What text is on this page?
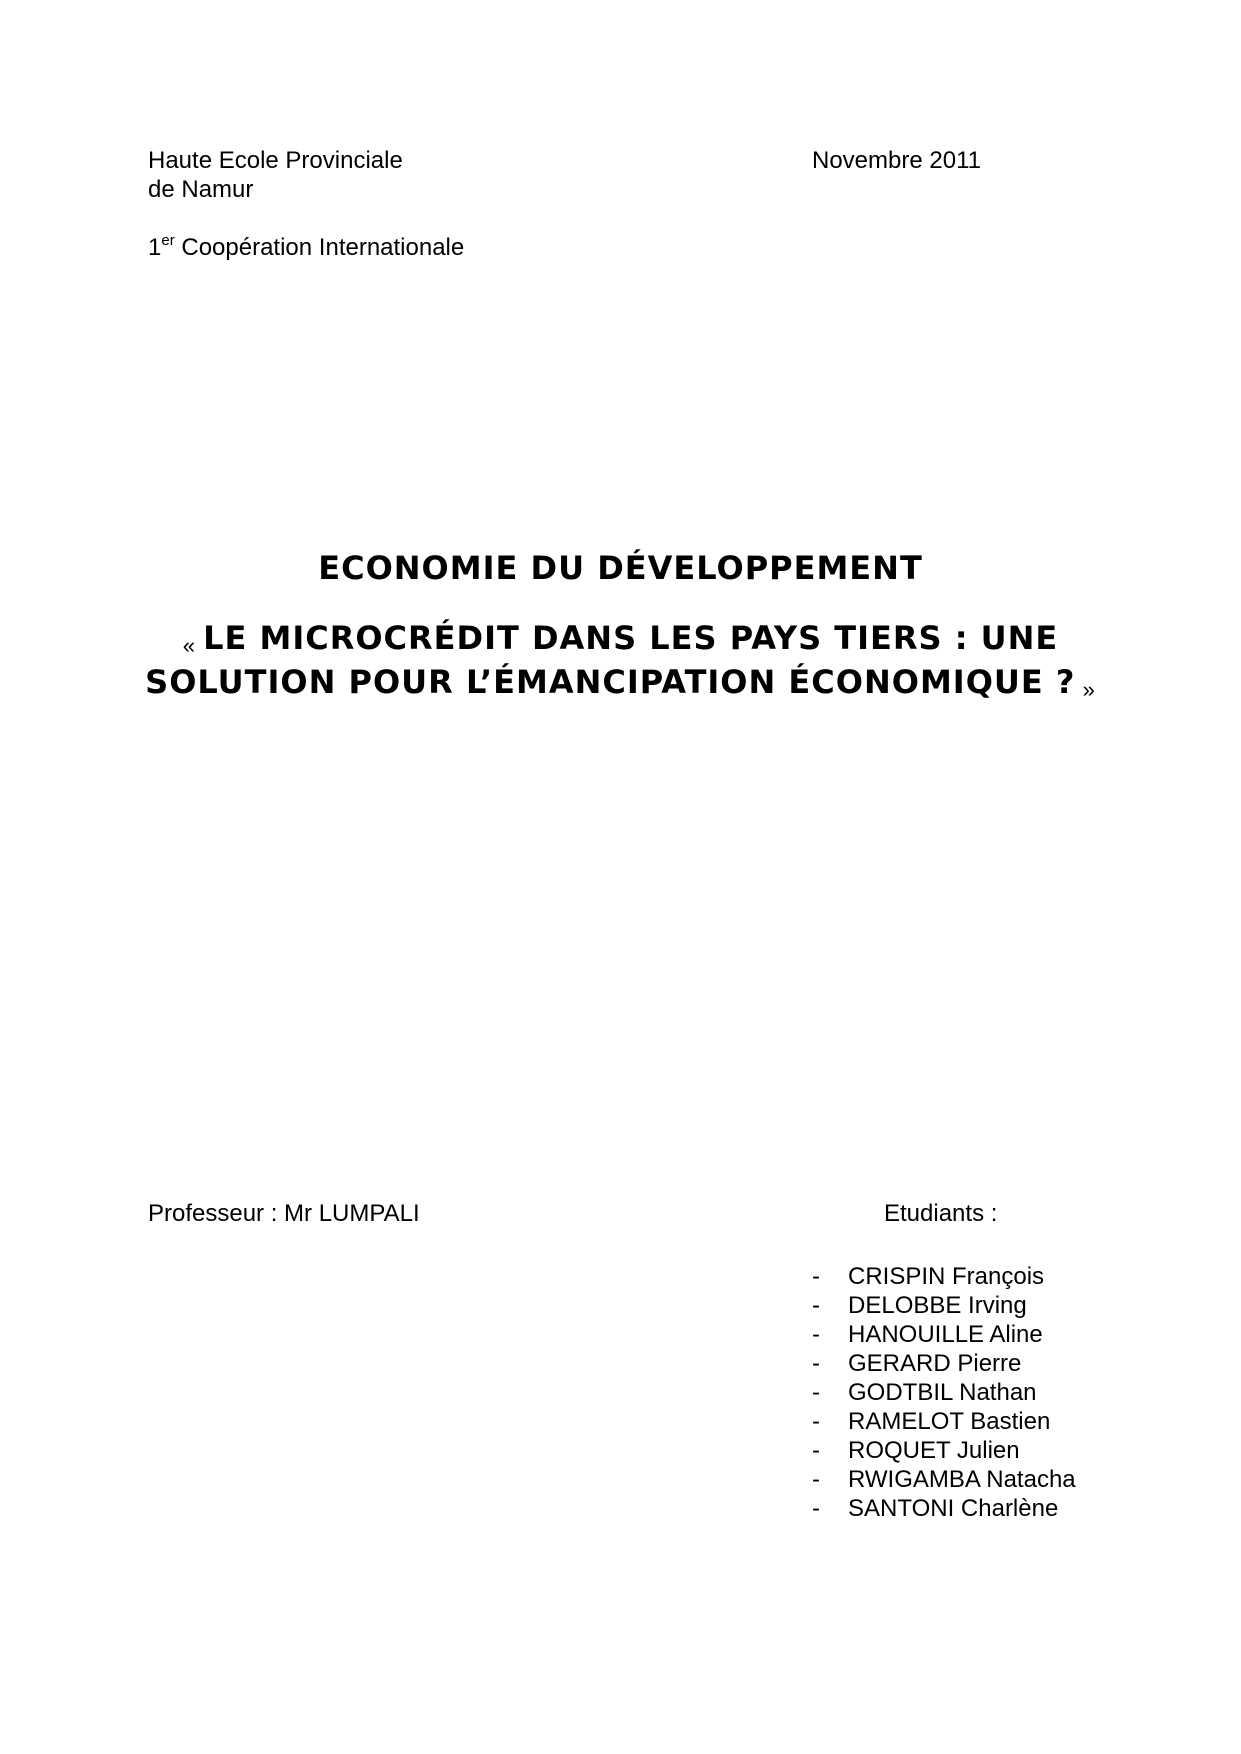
Haute Ecole Provinciale
de Namur
Novembre 2011
1er Coopération Internationale
ECONOMIE DU DÉVELOPPEMENT
« LE MICROCRÉDIT DANS LES PAYS TIERS : UNE
SOLUTION POUR L’ÉMANCIPATION ÉCONOMIQUE ? »
Professeur : Mr LUMPALI	Etudiants :
-	CRISPIN François
-	DELOBBE Irving
-	HANOUILLE Aline
-	GERARD Pierre
-	GODTBIL Nathan
-	RAMELOT Bastien
-	ROQUET Julien
-	RWIGAMBA Natacha
-	SANTONI Charlène
